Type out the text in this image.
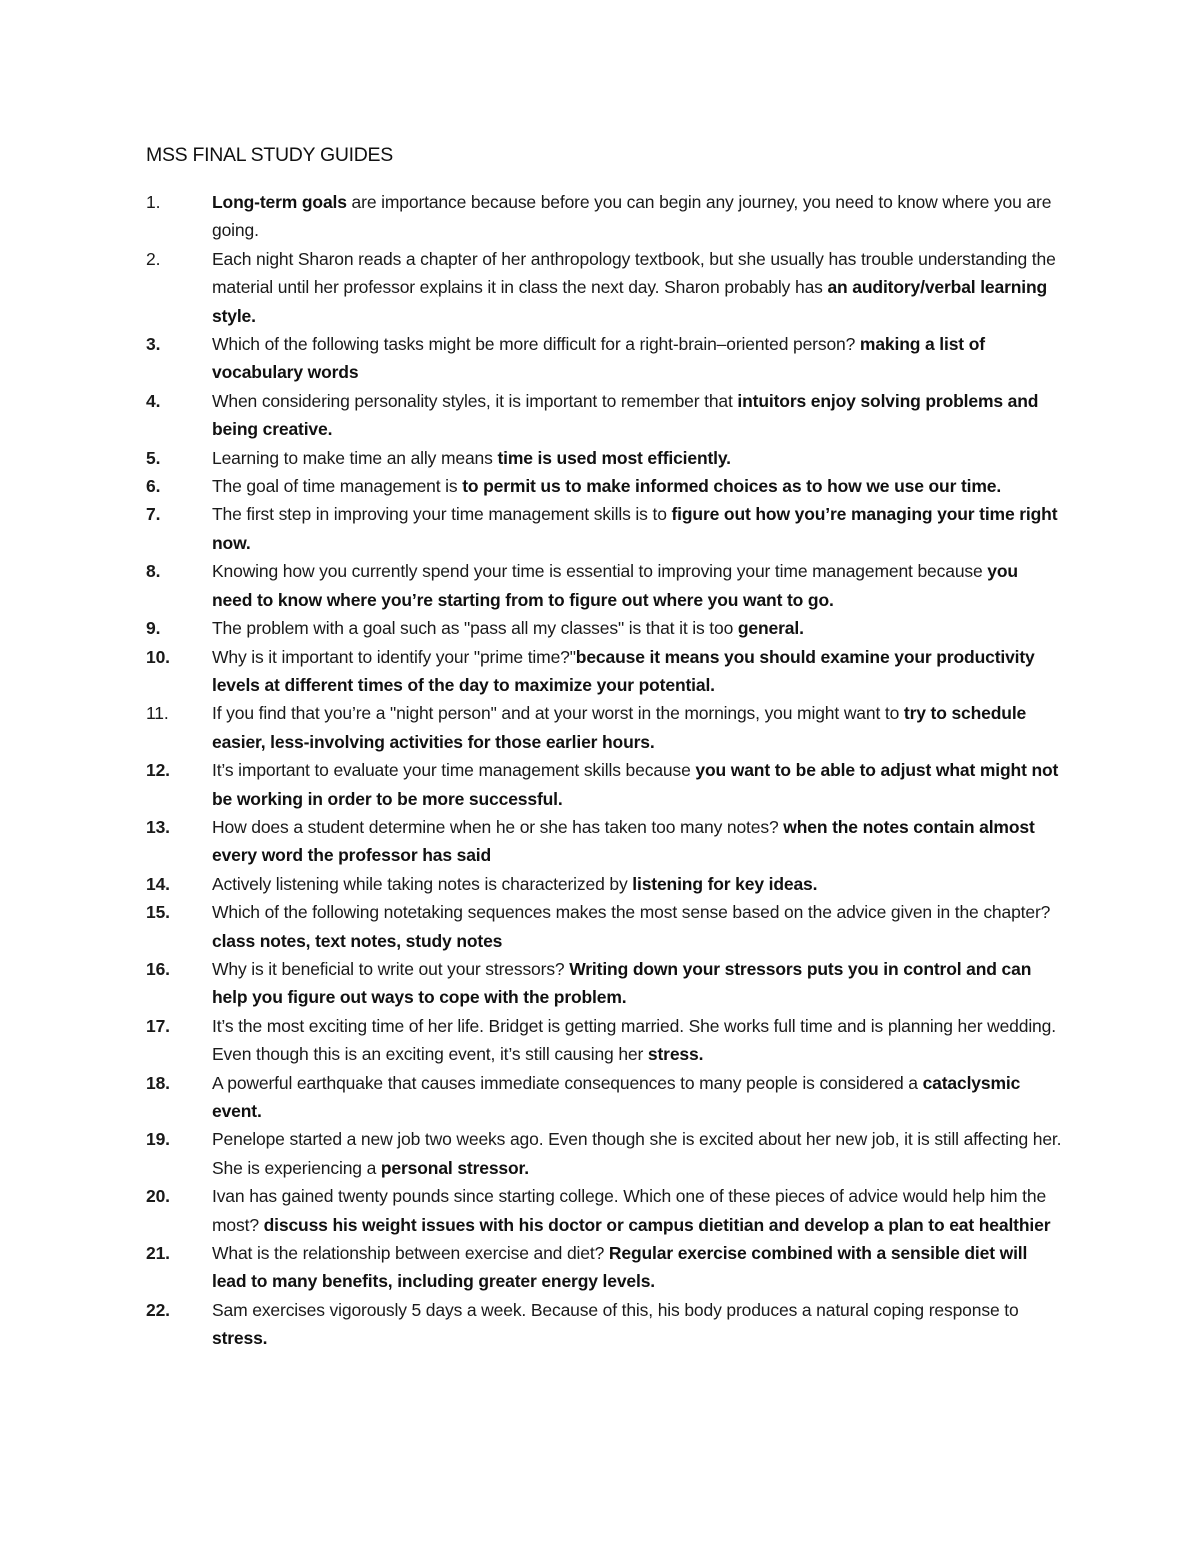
MSS FINAL STUDY GUIDES
1.	Long-term goals are importance because before you can begin any journey, you need to know where you are going.
2.	Each night Sharon reads a chapter of her anthropology textbook, but she usually has trouble understanding the material until her professor explains it in class the next day. Sharon probably has an auditory/verbal learning style.
3.	Which of the following tasks might be more difficult for a right-brain–oriented person? making a list of vocabulary words
4.	When considering personality styles, it is important to remember that intuitors enjoy solving problems and being creative.
5.	Learning to make time an ally means time is used most efficiently.
6.	The goal of time management is to permit us to make informed choices as to how we use our time.
7.	The first step in improving your time management skills is to figure out how you’re managing your time right now.
8.	Knowing how you currently spend your time is essential to improving your time management because you need to know where you’re starting from to figure out where you want to go.
9.	The problem with a goal such as "pass all my classes" is that it is too general.
10.	Why is it important to identify your "prime time?"because it means you should examine your productivity levels at different times of the day to maximize your potential.
11.	If you find that you’re a "night person" and at your worst in the mornings, you might want to try to schedule easier, less-involving activities for those earlier hours.
12.	It’s important to evaluate your time management skills because you want to be able to adjust what might not be working in order to be more successful.
13.	How does a student determine when he or she has taken too many notes? when the notes contain almost every word the professor has said
14.	Actively listening while taking notes is characterized by listening for key ideas.
15.	Which of the following notetaking sequences makes the most sense based on the advice given in the chapter? class notes, text notes, study notes
16.	Why is it beneficial to write out your stressors? Writing down your stressors puts you in control and can help you figure out ways to cope with the problem.
17.	It’s the most exciting time of her life. Bridget is getting married. She works full time and is planning her wedding. Even though this is an exciting event, it’s still causing her stress.
18.	A powerful earthquake that causes immediate consequences to many people is considered a cataclysmic event.
19.	Penelope started a new job two weeks ago. Even though she is excited about her new job, it is still affecting her. She is experiencing a personal stressor.
20.	Ivan has gained twenty pounds since starting college. Which one of these pieces of advice would help him the most? discuss his weight issues with his doctor or campus dietitian and develop a plan to eat healthier
21.	What is the relationship between exercise and diet? Regular exercise combined with a sensible diet will lead to many benefits, including greater energy levels.
22.	Sam exercises vigorously 5 days a week. Because of this, his body produces a natural coping response to stress.
